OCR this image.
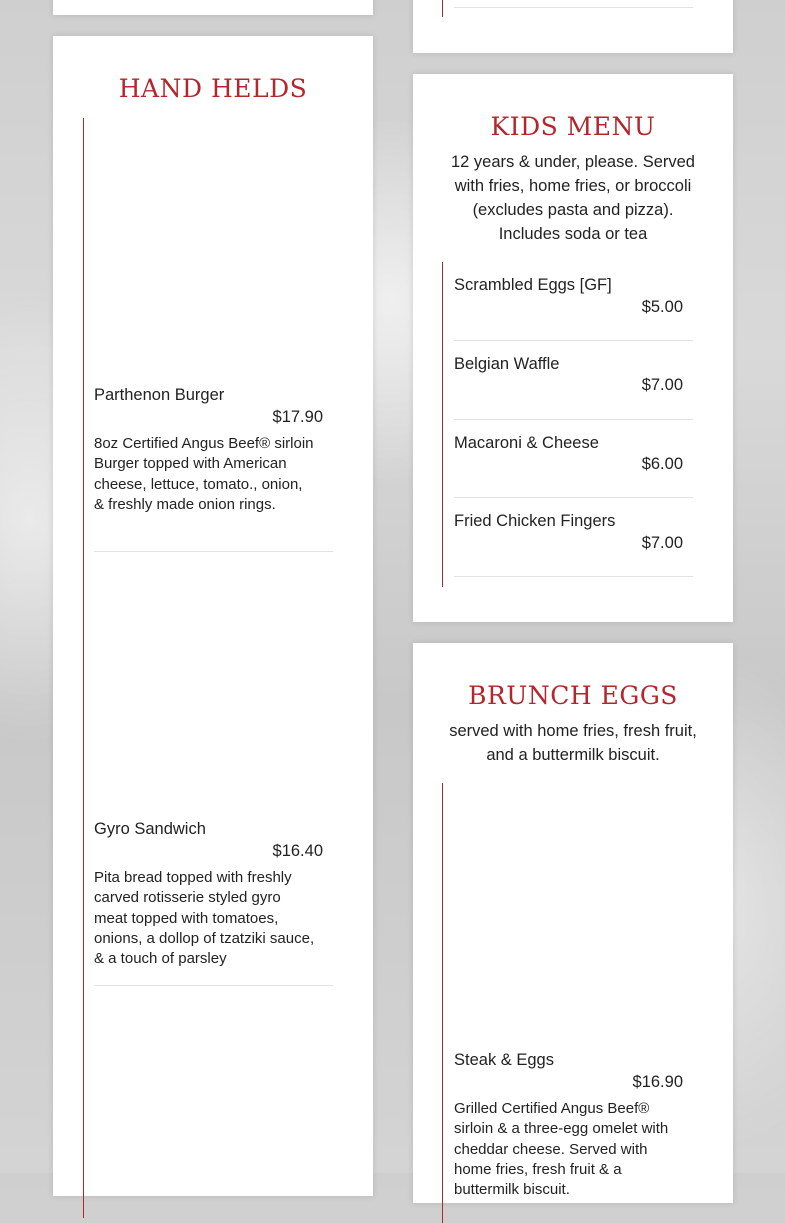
HAND HELDS
Parthenon Burger
$17.90
8oz Certified Angus Beef® sirloin Burger topped with American cheese, lettuce, tomato., onion, & freshly made onion rings.
Gyro Sandwich
$16.40
Pita bread topped with freshly carved rotisserie styled gyro meat topped with tomatoes, onions, a dollop of tzatziki sauce, & a touch of parsley
KIDS MENU
12 years & under, please. Served with fries, home fries, or broccoli (excludes pasta and pizza). Includes soda or tea
Scrambled Eggs [GF]
$5.00
Belgian Waffle
$7.00
Macaroni & Cheese
$6.00
Fried Chicken Fingers
$7.00
BRUNCH EGGS
served with home fries, fresh fruit, and a buttermilk biscuit.
Steak & Eggs
$16.90
Grilled Certified Angus Beef® sirloin & a three-egg omelet with cheddar cheese. Served with home fries, fresh fruit & a buttermilk biscuit.
